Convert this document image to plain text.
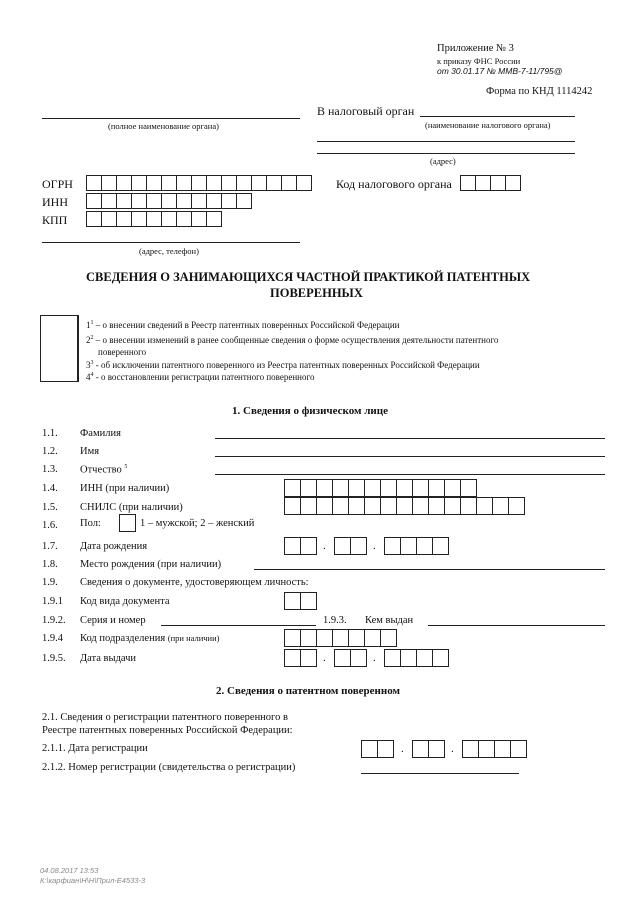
Приложение № 3
к приказу ФНС России
от 30.01.17 № ММВ-7-11/795@
Форма по КНД 1114242
(полное наименование органа)
В налоговый орган
(наименование налогового органа)
(адрес)
ОГРН
ИНН
КПП
Код налогового органа
(адрес, телефон)
СВЕДЕНИЯ О ЗАНИМАЮЩИХСЯ ЧАСТНОЙ ПРАКТИКОЙ ПАТЕНТНЫХ
ПОВЕРЕННЫХ
$1^1$ – о внесении сведений в Реестр патентных поверенных Российской Федерации
$2^2$ – о внесении изменений в ранее сообщенные сведения о форме осуществления деятельности патентного
поверенного
$3^3$ - об исключении патентного поверенного из Реестра патентных поверенных Российской Федерации
$4^4$ - о восстановлении регистрации патентного поверенного
1. Сведения о физическом лице
1.1. Фамилия
1.2. Имя
1.3. Отчество $^5$
1.4. ИНН (при наличии)
1.5. СНИЛС (при наличии)
1.6. Пол:	1 – мужской; 2 – женский
1.7. Дата рождения	.	.
1.8. Место рождения (при наличии)
1.9. Сведения о документе, удостоверяющем личность:
1.9.1 Код вида документа
1.9.2. Серия и номер	1.9.3. Кем выдан
1.9.4 Код подразделения (при наличии)
1.9.5. Дата выдачи	.	.
2. Сведения о патентном поверенном
2.1. Сведения о регистрации патентного поверенного в
Реестре патентных поверенных Российской Федерации:
2.1.1. Дата регистрации	.	.
2.1.2. Номер регистрации (свидетельства о регистрации)
04.08.2017 13:53
К:\карфиан\Н\Н\Прил-Е4533-3
